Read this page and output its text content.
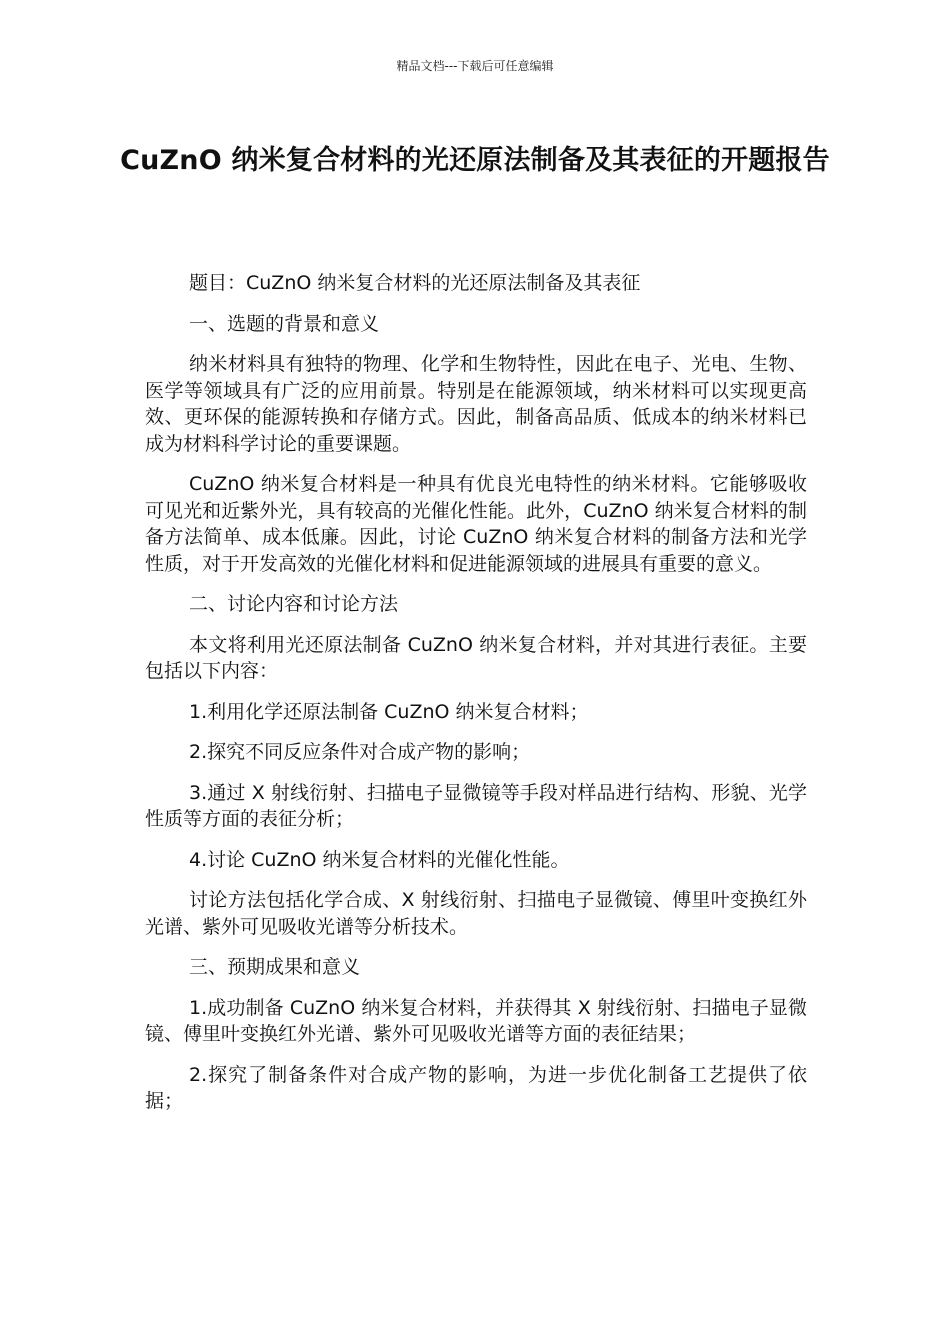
精品文档---下载后可任意编辑
CuZnO 纳米复合材料的光还原法制备及其表征的开题报告

题目：CuZnO 纳米复合材料的光还原法制备及其表征

一、选题的背景和意义

纳米材料具有独特的物理、化学和生物特性，因此在电子、光电、生物、医学等领域具有广泛的应用前景。特别是在能源领域，纳米材料可以实现更高效、更环保的能源转换和存储方式。因此，制备高品质、低成本的纳米材料已成为材料科学讨论的重要课题。

CuZnO 纳米复合材料是一种具有优良光电特性的纳米材料。它能够吸收可见光和近紫外光，具有较高的光催化性能。此外，CuZnO 纳米复合材料的制备方法简单、成本低廉。因此，讨论 CuZnO 纳米复合材料的制备方法和光学性质，对于开发高效的光催化材料和促进能源领域的进展具有重要的意义。

二、讨论内容和讨论方法

本文将利用光还原法制备 CuZnO 纳米复合材料，并对其进行表征。主要包括以下内容：

1.利用化学还原法制备 CuZnO 纳米复合材料；

2.探究不同反应条件对合成产物的影响；

3.通过 X 射线衍射、扫描电子显微镜等手段对样品进行结构、形貌、光学性质等方面的表征分析；

4.讨论 CuZnO 纳米复合材料的光催化性能。

讨论方法包括化学合成、X 射线衍射、扫描电子显微镜、傅里叶变换红外光谱、紫外可见吸收光谱等分析技术。

三、预期成果和意义

1.成功制备 CuZnO 纳米复合材料，并获得其 X 射线衍射、扫描电子显微镜、傅里叶变换红外光谱、紫外可见吸收光谱等方面的表征结果；

2.探究了制备条件对合成产物的影响，为进一步优化制备工艺提供了依据；
